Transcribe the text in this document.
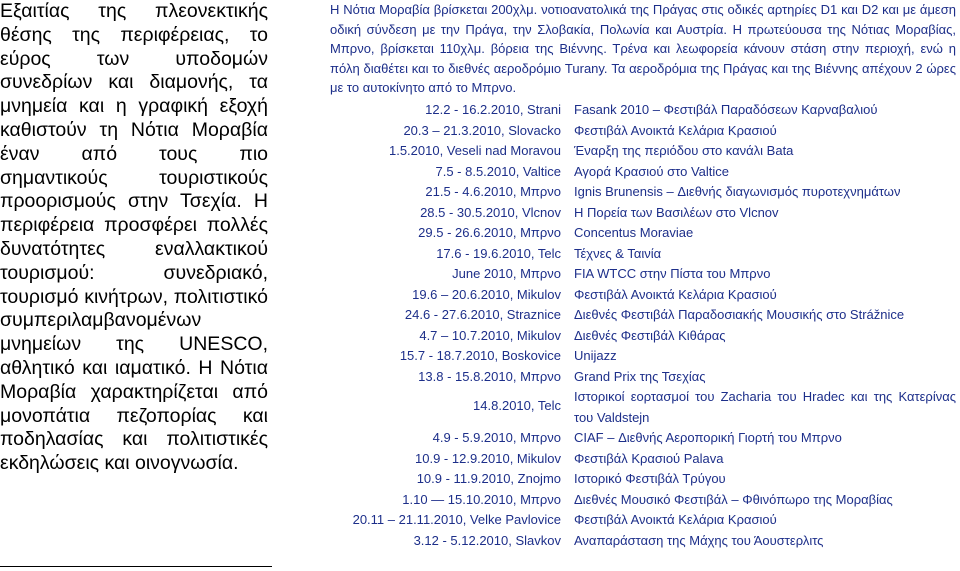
Εξαιτίας της πλεονεκτικής θέσης της περιφέρειας, το εύρος των υποδομών συνεδρίων και διαμονής, τα μνημεία και η γραφική εξοχή καθιστούν τη Νότια Μοραβία έναν από τους πιο σημαντικούς τουριστικούς προορισμούς στην Τσεχία. Η περιφέρεια προσφέρει πολλές δυνατότητες εναλλακτικού τουρισμού: συνεδριακό, τουρισμό κινήτρων, πολιτιστικό συμπεριλαμβανομένων μνημείων της UNESCO, αθλητικό και ιαματικό. Η Νότια Μοραβία χαρακτηρίζεται από μονοπάτια πεζοπορίας και ποδηλασίας και πολιτιστικές εκδηλώσεις και οινογνωσία.

Η Νότια Μοραβία βρίσκεται 200χλμ. νοτιοανατολικά της Πράγας στις οδικές αρτηρίες D1 και D2 και με άμεση οδική σύνδεση με την Πράγα, την Σλοβακία, Πολωνία και Αυστρία. Η πρωτεύουσα της Νότιας Μοραβίας, Μπρνο, βρίσκεται 110χλμ. βόρεια της Βιέννης. Τρένα και λεωφορεία κάνουν στάση στην περιοχή, ενώ η πόλη διαθέτει και το διεθνές αεροδρόμιο Turany. Τα αεροδρόμια της Πράγας και της Βιέννης απέχουν 2 ώρες με το αυτοκίνητο από το Μπρνο.

12.2 - 16.2.2010, Strani Fasank 2010 – Φεστιβάλ Παραδόσεων Καρναβαλιού
20.3 – 21.3.2010, Slovacko Φεστιβάλ Ανοικτά Κελάρια Κρασιού
1.5.2010, Veseli nad Moravou Έναρξη της περιόδου στο κανάλι Bata
7.5 - 8.5.2010, Valtice Αγορά Κρασιού στο Valtice
21.5 - 4.6.2010, Μπρνο Ignis Brunensis – Διεθνής διαγωνισμός πυροτεχνημάτων
28.5 - 30.5.2010, Vlcnov Η Πορεία των Βασιλέων στο Vlcnov
29.5 - 26.6.2010, Μπρνο Concentus Moraviae
17.6 - 19.6.2010, Telc Τέχνες & Ταινία
June 2010, Μπρνο FIA WTCC στην Πίστα του Μπρνο
19.6 – 20.6.2010, Mikulov Φεστιβάλ Ανοικτά Κελάρια Κρασιού
24.6 - 27.6.2010, Straznice Διεθνές Φεστιβάλ Παραδοσιακής Μουσικής στο Strážnice
4.7 – 10.7.2010, Mikulov Διεθνές Φεστιβάλ Κιθάρας
15.7 - 18.7.2010, Boskovice Unijazz
13.8 - 15.8.2010, Μπρνο Grand Prix της Τσεχίας
14.8.2010, Telc
Ιστορικοί εορτασμοί του Zacharia του Hradec και της Κατερίνας του Valdstejn
4.9 - 5.9.2010, Μπρνο CIAF – Διεθνής Αεροπορική Γιορτή του Μπρνο
10.9 - 12.9.2010, Mikulov Φεστιβάλ Κρασιού Palava
10.9 - 11.9.2010, Znojmo Ιστορικό Φεστιβάλ Τρύγου
1.10 — 15.10.2010, Μπρνο Διεθνές Μουσικό Φεστιβάλ – Φθινόπωρο της Μοραβίας
20.11 – 21.11.2010, Velke Pavlovice Φεστιβάλ Ανοικτά Κελάρια Κρασιού
3.12 - 5.12.2010, Slavkov Αναπαράσταση της Μάχης του Άουστερλιτς
